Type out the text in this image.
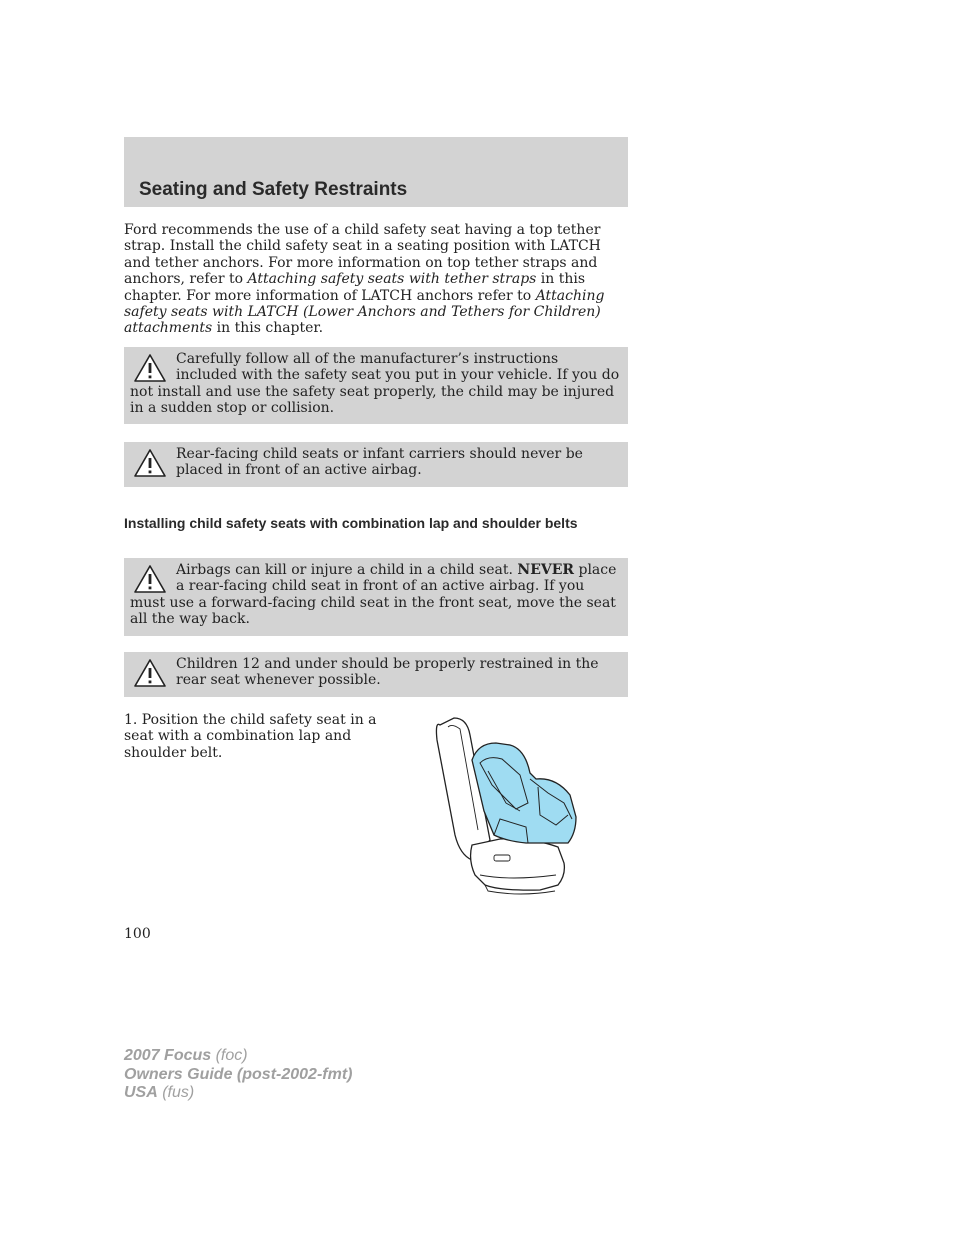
Seating and Safety Restraints

Ford recommends the use of a child safety seat having a top tether strap. Install the child safety seat in a seating position with LATCH and tether anchors. For more information on top tether straps and anchors, refer to Attaching safety seats with tether straps in this chapter. For more information of LATCH anchors refer to Attaching safety seats with LATCH (Lower Anchors and Tethers for Children) attachments in this chapter.

Carefully follow all of the manufacturer’s instructions included with the safety seat you put in your vehicle. If you do not install and use the safety seat properly, the child may be injured in a sudden stop or collision.

Rear-facing child seats or infant carriers should never be placed in front of an active airbag.

Installing child safety seats with combination lap and shoulder belts

Airbags can kill or injure a child in a child seat. NEVER place a rear-facing child seat in front of an active airbag. If you must use a forward-facing child seat in the front seat, move the seat all the way back.

Children 12 and under should be properly restrained in the rear seat whenever possible.

1. Position the child safety seat in a seat with a combination lap and shoulder belt.

100
2007 Focus (foc)
Owners Guide (post-2002-fmt)
USA (fus)
